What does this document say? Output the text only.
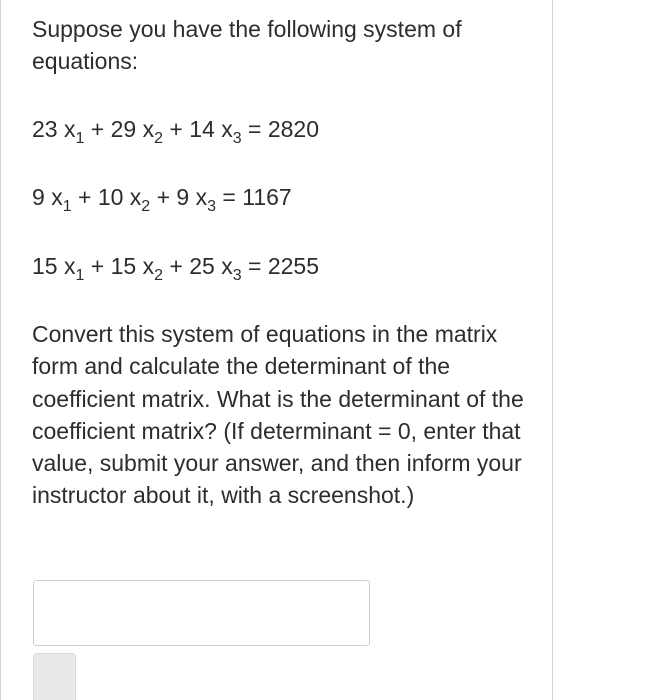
Suppose you have the following system of equations:

23 $x_1 + 29$ $x_2 + 14$ $x_3 = 2820$

9 $x_1 + 10$ $x_2 + 9$ $x_3 = 1167$

15 $x_1 + 15$ $x_2 + 25$ $x_3 = 2255$

Convert this system of equations in the matrix form and calculate the determinant of the coefficient matrix. What is the determinant of the coefficient matrix? (If determinant = 0, enter that value, submit your answer, and then inform your instructor about it, with a screenshot.)
